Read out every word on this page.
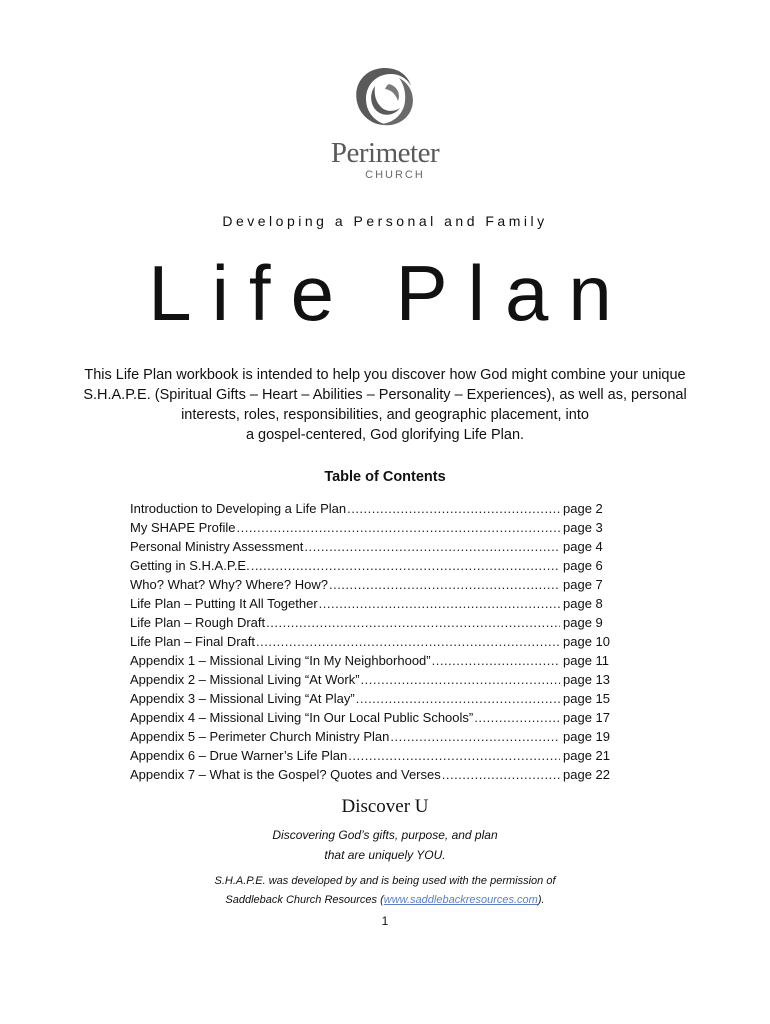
Perimeter
CHURCH
Developing a Personal and Family
Life Plan
This Life Plan workbook is intended to help you discover how God might combine your unique
S.H.A.P.E. (Spiritual Gifts – Heart – Abilities – Personality – Experiences), as well as, personal
interests, roles, responsibilities, and geographic placement, into
a gospel-centered, God glorifying Life Plan.
Table of Contents
Introduction to Developing a Life Plan .....	page 2
My SHAPE Profile .....	page 3
Personal Ministry Assessment .....	page 4
Getting in S.H.A.P.E. .....	page 6
Who? What? Why? Where? How? .....	page 7
Life Plan – Putting It All Together .....	page 8
Life Plan – Rough Draft .....	page 9
Life Plan – Final Draft .....	page 10
Appendix 1 – Missional Living “In My Neighborhood” .....	page 11
Appendix 2 – Missional Living “At Work” .....	page 13
Appendix 3 – Missional Living “At Play” .....	page 15
Appendix 4 – Missional Living “In Our Local Public Schools” .....	page 17
Appendix 5 – Perimeter Church Ministry Plan .....	page 19
Appendix 6 – Drue Warner’s Life Plan .....	page 21
Appendix 7 – What is the Gospel? Quotes and Verses .....	page 22
Discover U
Discovering God’s gifts, purpose, and plan
that are uniquely YOU.
S.H.A.P.E. was developed by and is being used with the permission of
Saddleback Church Resources (www.saddlebackresources.com).
1
